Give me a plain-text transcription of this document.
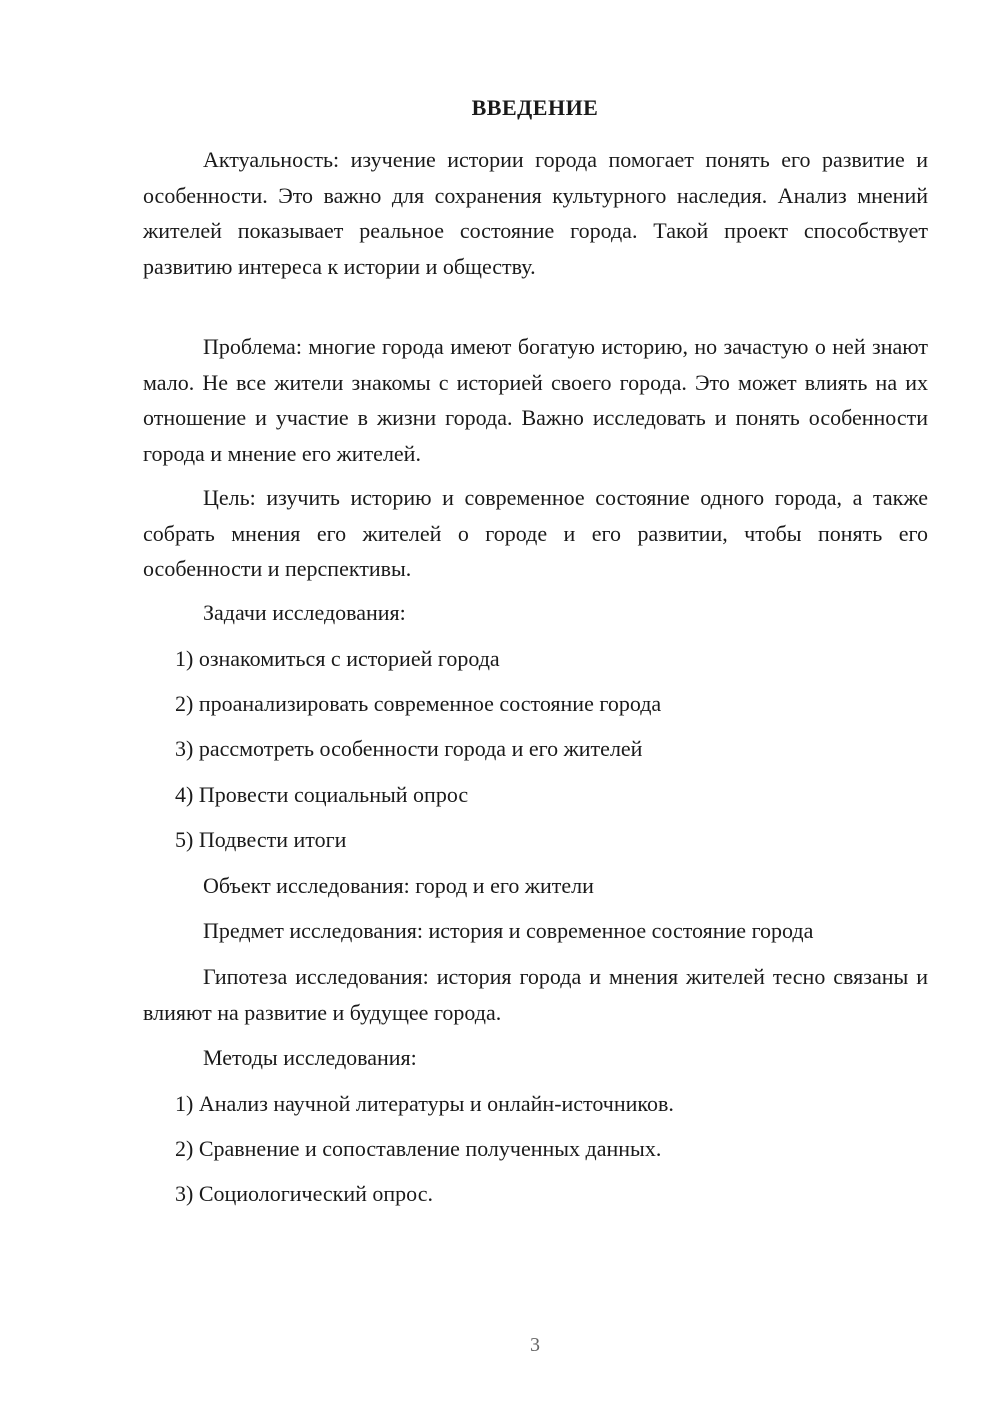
ВВЕДЕНИЕ

Актуальность: изучение истории города помогает понять его развитие и особенности. Это важно для сохранения культурного наследия. Анализ мнений жителей показывает реальное состояние города. Такой проект способствует развитию интереса к истории и обществу.

Проблема: многие города имеют богатую историю, но зачастую о ней знают мало. Не все жители знакомы с историей своего города. Это может влиять на их отношение и участие в жизни города. Важно исследовать и понять особенности города и мнение его жителей.

Цель: изучить историю и современное состояние одного города, а также собрать мнения его жителей о городе и его развитии, чтобы понять его особенности и перспективы.

Задачи исследования:

1) ознакомиться с историей города

2) проанализировать современное состояние города

3) рассмотреть особенности города и его жителей

4) Провести социальный опрос

5) Подвести итоги

Объект исследования: город и его жители

Предмет исследования: история и современное состояние города

Гипотеза исследования: история города и мнения жителей тесно связаны и влияют на развитие и будущее города.

Методы исследования:

1) Анализ научной литературы и онлайн-источников.

2) Сравнение и сопоставление полученных данных.

3) Социологический опрос.

3
